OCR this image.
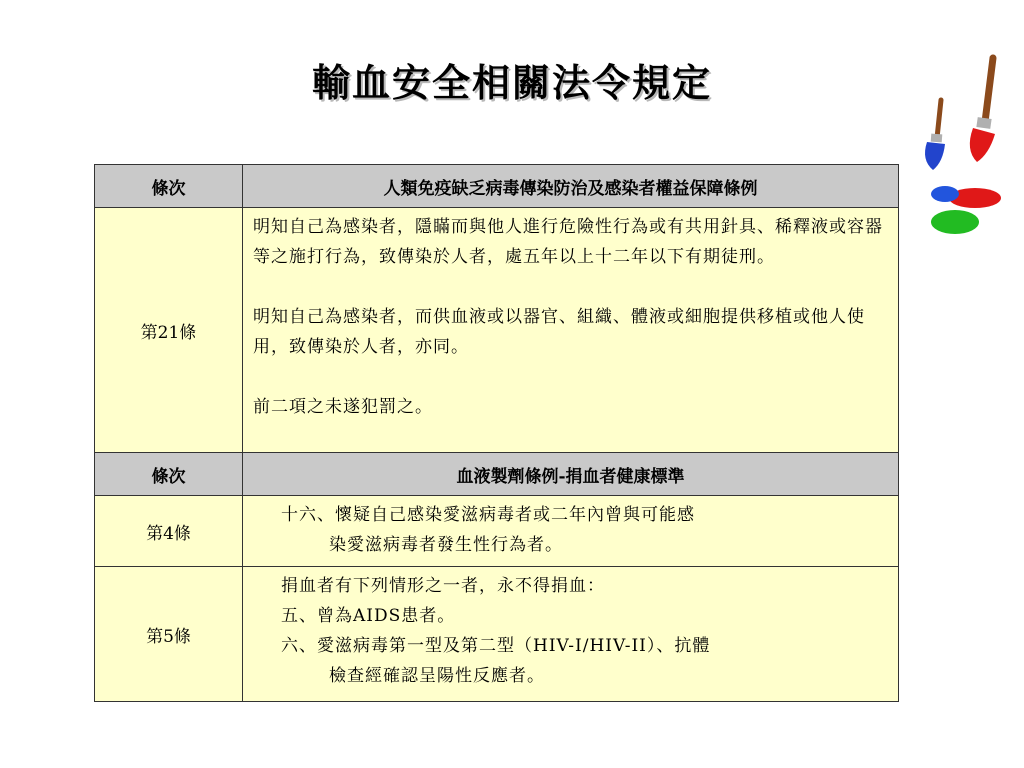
輸血安全相關法令規定
條次	人類免疫缺乏病毒傳染防治及感染者權益保障條例
第21條	明知自己為感染者，隱瞞而與他人進行危險性行為或有共用針具、稀釋液或容器等之施打行為，致傳染於人者，處五年以上十二年以下有期徒刑。

明知自己為感染者，而供血液或以器官、組織、體液或細胞提供移植或他人使用，致傳染於人者，亦同。

前二項之未遂犯罰之。

條次	血液製劑條例-捐血者健康標準
第4條	十六、懷疑自己感染愛滋病毒者或二年內曾與可能感
染愛滋病毒者發生性行為者。

第5條	捐血者有下列情形之一者，永不得捐血：
五、曾為AIDS患者。
六、愛滋病毒第一型及第二型（HIV-I/HIV-II）、抗體
檢查經確認呈陽性反應者。
